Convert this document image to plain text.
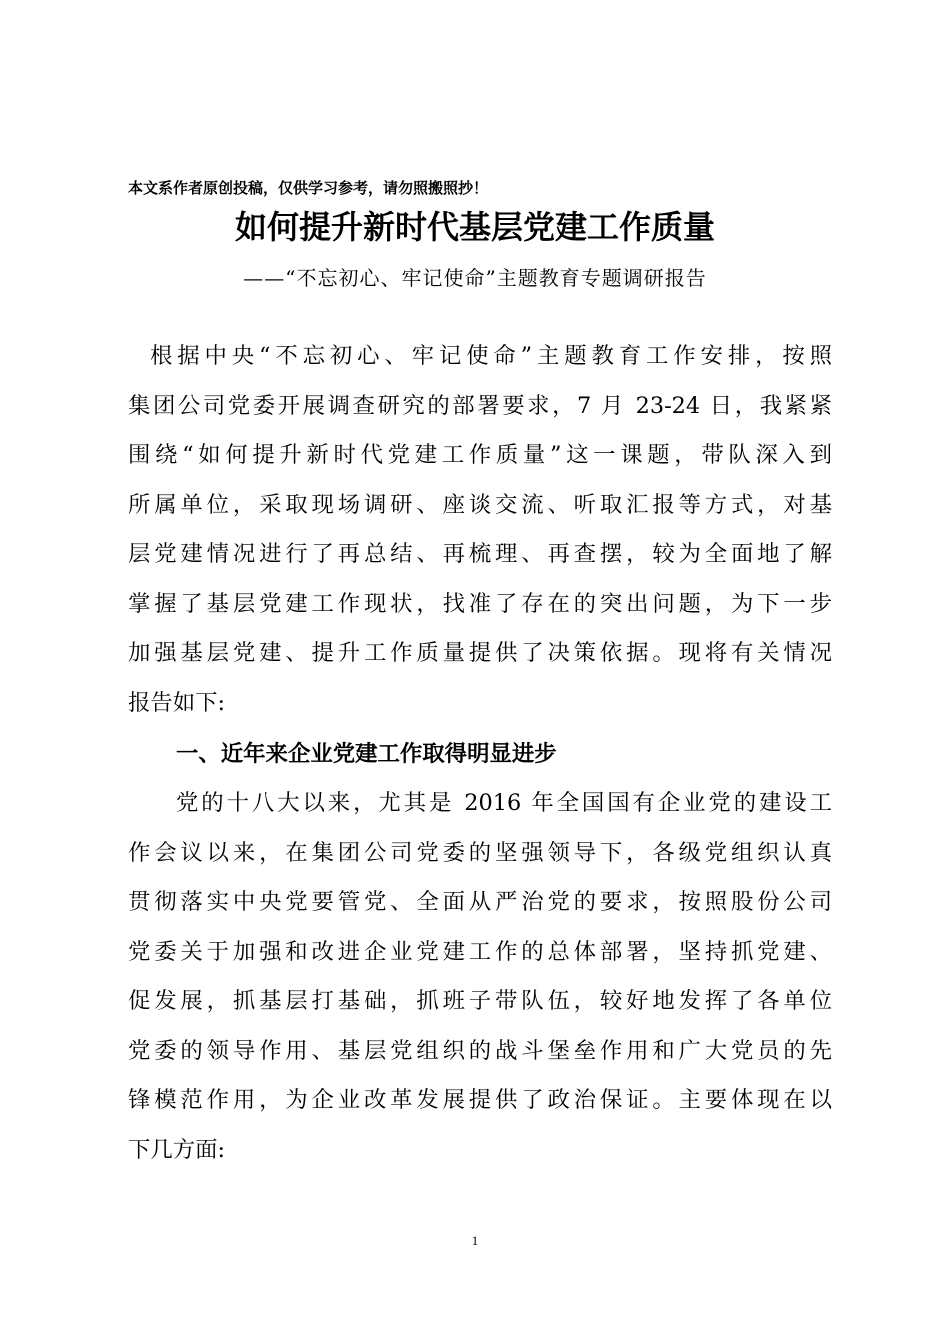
本文系作者原创投稿，仅供学习参考，请勿照搬照抄！
如何提升新时代基层党建工作质量
——“不忘初心、牢记使命”主题教育专题调研报告
根据中央“不忘初心、牢记使命”主题教育工作安排，按照
集团公司党委开展调查研究的部署要求，7 月 23-24 日，我紧紧
围绕“如何提升新时代党建工作质量”这一课题，带队深入到
所属单位，采取现场调研、座谈交流、听取汇报等方式，对基
层党建情况进行了再总结、再梳理、再查摆，较为全面地了解
掌握了基层党建工作现状，找准了存在的突出问题，为下一步
加强基层党建、提升工作质量提供了决策依据。现将有关情况
报告如下:
一、近年来企业党建工作取得明显进步
党的十八大以来，尤其是 2016 年全国国有企业党的建设工
作会议以来，在集团公司党委的坚强领导下，各级党组织认真
贯彻落实中央党要管党、全面从严治党的要求，按照股份公司
党委关于加强和改进企业党建工作的总体部署，坚持抓党建、
促发展，抓基层打基础，抓班子带队伍，较好地发挥了各单位
党委的领导作用、基层党组织的战斗堡垒作用和广大党员的先
锋模范作用，为企业改革发展提供了政治保证。主要体现在以
下几方面:
1
